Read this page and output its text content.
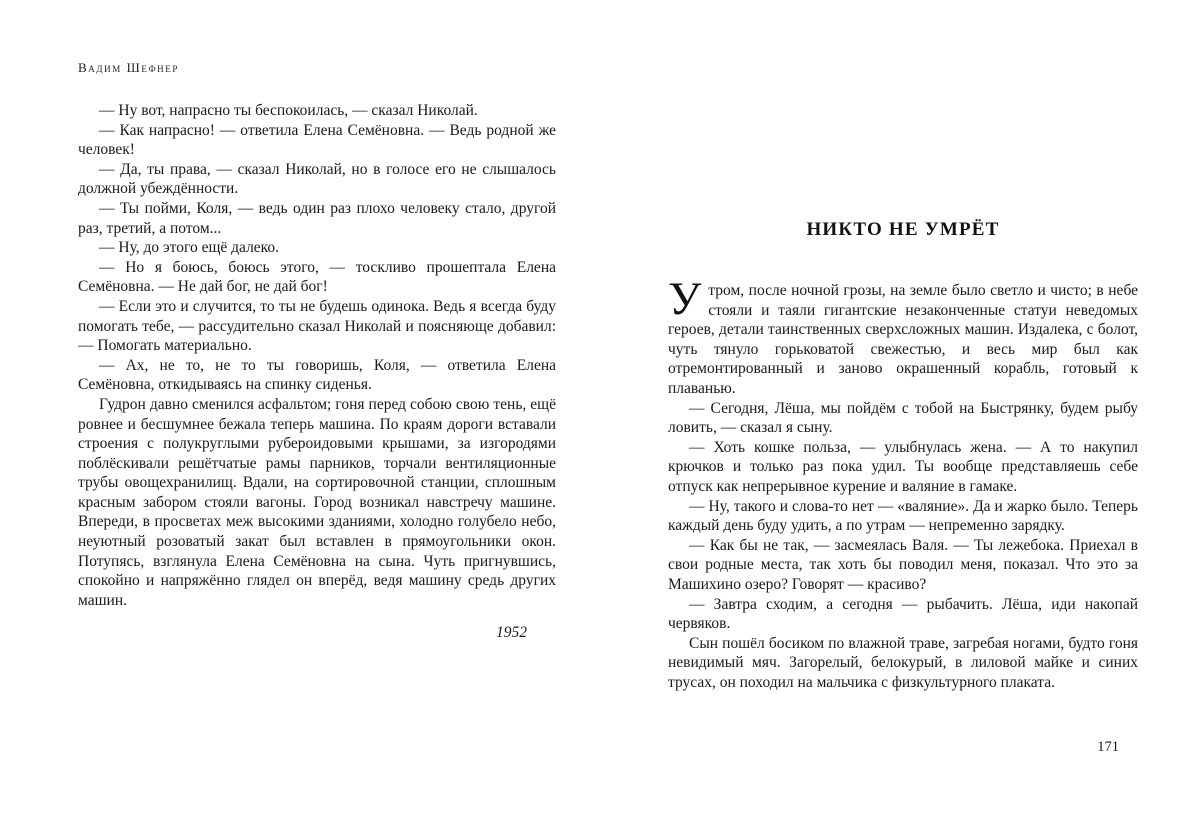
Вадим Шефнер

— Ну вот, напрасно ты беспокоилась, — сказал Николай.

— Как напрасно! — ответила Елена Семёновна. — Ведь родной же человек!

— Да, ты права, — сказал Николай, но в голосе его не слышалось должной убеждённости.

— Ты пойми, Коля, — ведь один раз плохо человеку стало, другой раз, третий, а потом...

— Ну, до этого ещё далеко.

— Но я боюсь, боюсь этого, — тоскливо прошептала Елена Семёновна. — Не дай бог, не дай бог!

— Если это и случится, то ты не будешь одинока. Ведь я всегда буду помогать тебе, — рассудительно сказал Николай и поясняюще добавил: — Помогать материально.

— Ах, не то, не то ты говоришь, Коля, — ответила Елена Семёновна, откидываясь на спинку сиденья.

Гудрон давно сменился асфальтом; гоня перед собою свою тень, ещё ровнее и бесшумнее бежала теперь машина. По краям дороги вставали строения с полукруглыми рубероидовыми крышами, за изгородями поблёскивали решётчатые рамы парников, торчали вентиляционные трубы овощехранилищ. Вдали, на сортировочной станции, сплошным красным забором стояли вагоны. Город возникал навстречу машине. Впереди, в просветах меж высокими зданиями, холодно голубело небо, неуютный розоватый закат был вставлен в прямоугольники окон. Потупясь, взглянула Елена Семёновна на сына. Чуть пригнувшись, спокойно и напряжённо глядел он вперёд, ведя машину средь других машин.

1952
НИКТО НЕ УМРЁТ

Утром, после ночной грозы, на земле было светло и чисто; в небе стояли и таяли гигантские незаконченные статуи неведомых героев, детали таинственных сверхсложных машин. Издалека, с болот, чуть тянуло горьковатой свежестью, и весь мир был как отремонтированный и заново окрашенный корабль, готовый к плаванью.

— Сегодня, Лёша, мы пойдём с тобой на Быстрянку, будем рыбу ловить, — сказал я сыну.

— Хоть кошке польза, — улыбнулась жена. — А то накупил крючков и только раз пока удил. Ты вообще представляешь себе отпуск как непрерывное курение и валяние в гамаке.

— Ну, такого и слова-то нет — «валяние». Да и жарко было. Теперь каждый день буду удить, а по утрам — непременно зарядку.

— Как бы не так, — засмеялась Валя. — Ты лежебока. Приехал в свои родные места, так хоть бы поводил меня, показал. Что это за Машихино озеро? Говорят — красиво?

— Завтра сходим, а сегодня — рыбачить. Лёша, иди накопай червяков.

Сын пошёл босиком по влажной траве, загребая ногами, будто гоня невидимый мяч. Загорелый, белокурый, в лиловой майке и синих трусах, он походил на мальчика с физкультурного плаката.

171
